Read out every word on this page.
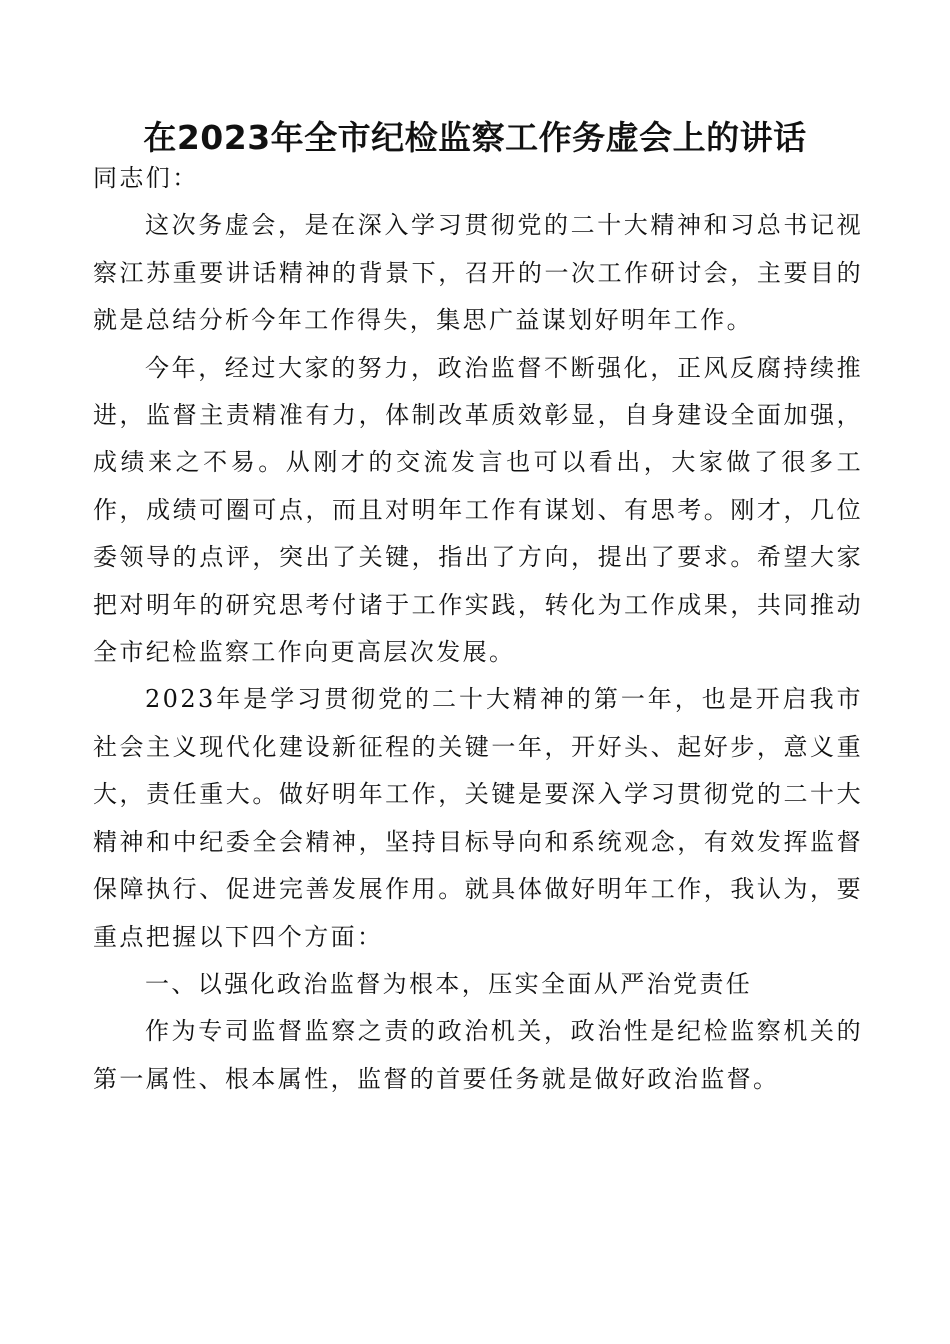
在2023年全市纪检监察工作务虚会上的讲话

同志们：

这次务虚会，是在深入学习贯彻党的二十大精神和习总书记视察江苏重要讲话精神的背景下，召开的一次工作研讨会，主要目的就是总结分析今年工作得失，集思广益谋划好明年工作。

今年，经过大家的努力，政治监督不断强化，正风反腐持续推进，监督主责精准有力，体制改革质效彰显，自身建设全面加强，成绩来之不易。从刚才的交流发言也可以看出，大家做了很多工作，成绩可圈可点，而且对明年工作有谋划、有思考。刚才，几位委领导的点评，突出了关键，指出了方向，提出了要求。希望大家把对明年的研究思考付诸于工作实践，转化为工作成果，共同推动全市纪检监察工作向更高层次发展。

2023年是学习贯彻党的二十大精神的第一年，也是开启我市社会主义现代化建设新征程的关键一年，开好头、起好步，意义重大，责任重大。做好明年工作，关键是要深入学习贯彻党的二十大精神和中纪委全会精神，坚持目标导向和系统观念，有效发挥监督保障执行、促进完善发展作用。就具体做好明年工作，我认为，要重点把握以下四个方面：

一、以强化政治监督为根本，压实全面从严治党责任

作为专司监督监察之责的政治机关，政治性是纪检监察机关的第一属性、根本属性，监督的首要任务就是做好政治监督。
